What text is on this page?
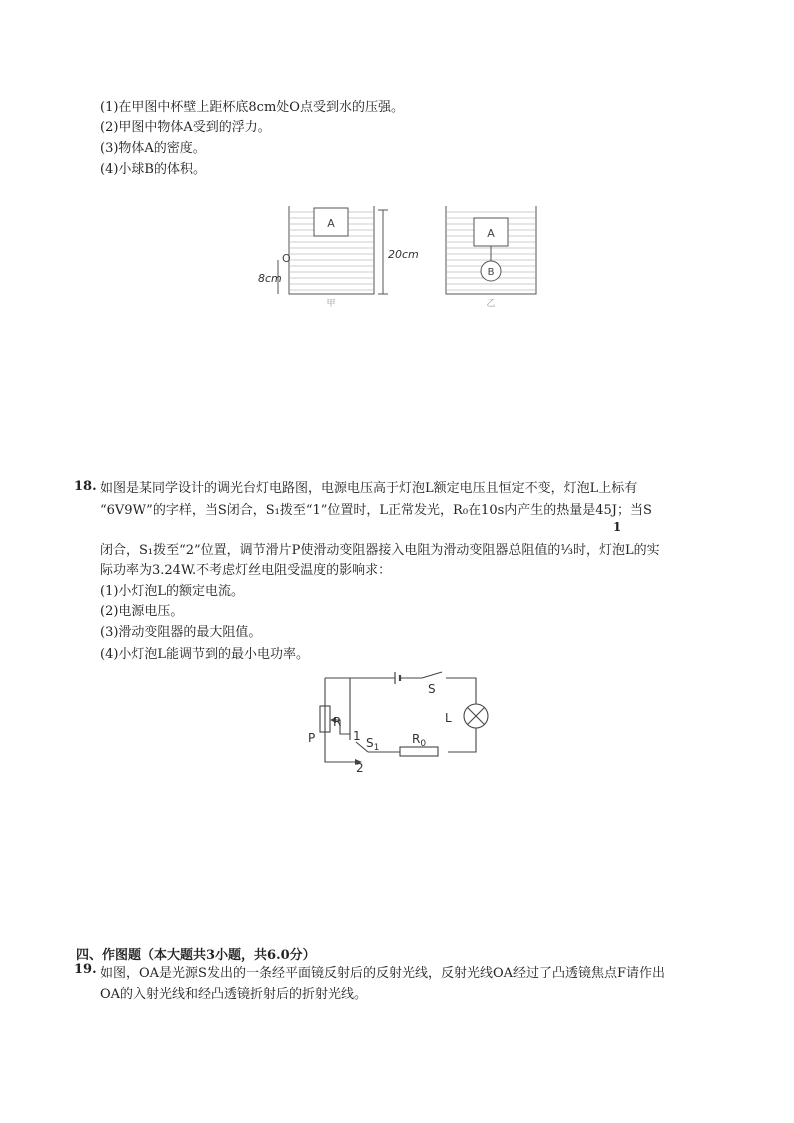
(1)在甲图中杯壁上距杯底8cm处O点受到水的压强。
(2)甲图中物体A受到的浮力。
(3)物体A的密度。
(4)小球B的体积。
A
O
8cm
20cm
甲
A
B
乙
18. 如图是某同学设计的调光台灯电路图，电源电压高于灯泡L额定电压且恒定不变，灯泡L上标有
“6V9W”的字样，当S闭合，S₁拨至“1”位置时，L正常发光，R₀在10s内产生的热量是45J；当S
1
闭合，S₁拨至“2”位置，调节滑片P使滑动变阻器接入电阻为滑动变阻器总阻值的⅓时，灯泡L的实
际功率为3.24W.不考虑灯丝电阻受温度的影响求：
(1)小灯泡L的额定电流。
(2)电源电压。
(3)滑动变阻器的最大阻值。
(4)小灯泡L能调节到的最小电功率。
S
L
R
P	1 $S_1$
$R_0$
2
四、作图题（本大题共3小题，共6.0分）
19. 如图，OA是光源S发出的一条经平面镜反射后的反射光线，反射光线OA经过了凸透镜焦点F请作出
OA的入射光线和经凸透镜折射后的折射光线。
